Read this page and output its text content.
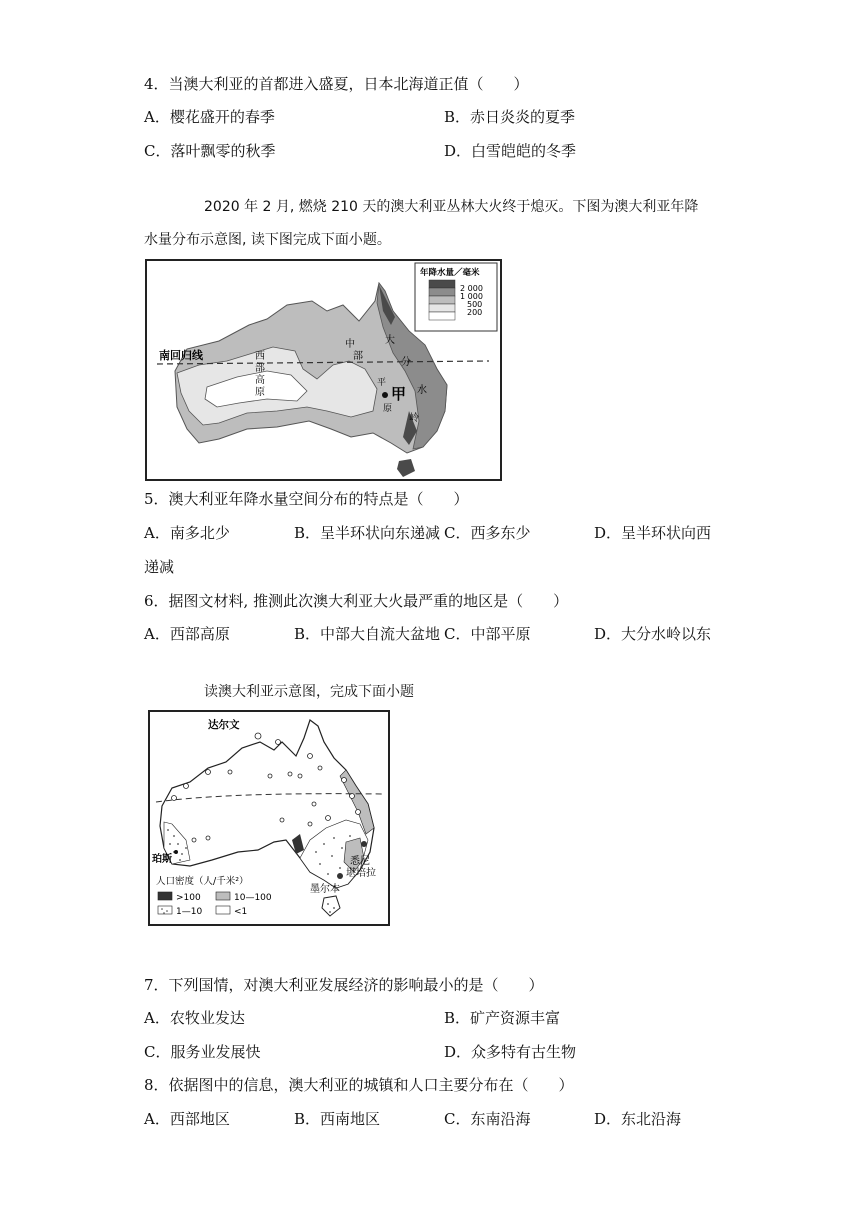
4．当澳大利亚的首都进入盛夏，日本北海道正值（　　）
A．樱花盛开的春季	B．赤日炎炎的夏季
C．落叶飘零的秋季	D．白雪皑皑的冬季
2020 年 2 月, 燃烧 210 天的澳大利亚丛林大火终于熄灭。下图为澳大利亚年降
水量分布示意图, 读下图完成下面小题。
南回归线	西
部
高
原
中
部
平
原
甲
大
分
水
岭
年降水量／毫米
2 000
1 000
500
200
5．澳大利亚年降水量空间分布的特点是（　　）
A．南多北少	B．呈半环状向东递减 C．西多东少	D．呈半环状向西
递减
6．据图文材料, 推测此次澳大利亚大火最严重的地区是（　　）
A．西部高原	B．中部大自流大盆地 C．中部平原	D．大分水岭以东
读澳大利亚示意图，完成下面小题
达尔文
珀斯	悉尼
堪培拉
墨尔本
人口密度（人/千米²）
>100	10—100
1—10	<1
7．下列国情，对澳大利亚发展经济的影响最小的是（　　）
A．农牧业发达	B．矿产资源丰富
C．服务业发展快	D．众多特有古生物
8．依据图中的信息，澳大利亚的城镇和人口主要分布在（　　）
A．西部地区	B．西南地区	C．东南沿海	D．东北沿海
